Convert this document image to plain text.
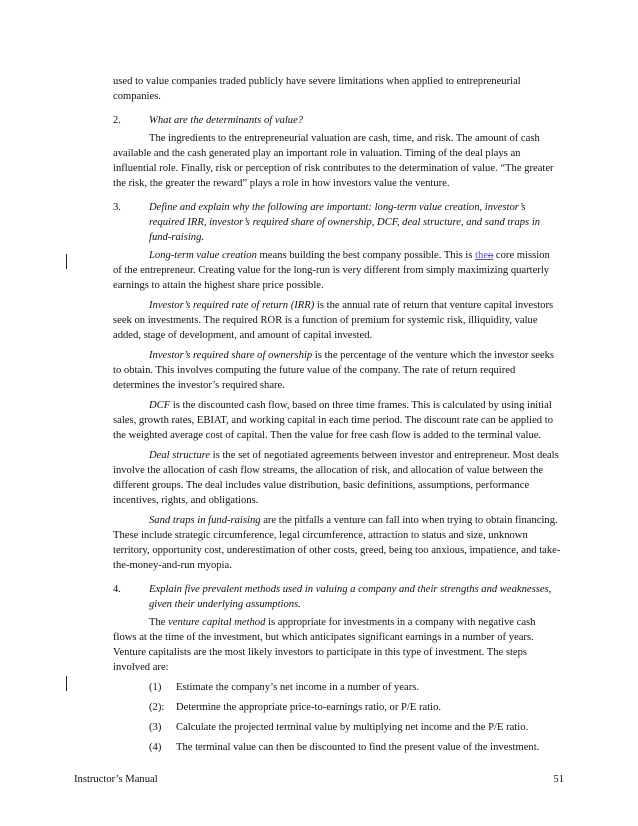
used to value companies traded publicly have severe limitations when applied to entrepreneurial companies.

2.	What are the determinants of value?

The ingredients to the entrepreneurial valuation are cash, time, and risk. The amount of cash available and the cash generated play an important role in valuation. Timing of the deal plays an influential role. Finally, risk or perception of risk contributes to the determination of value. “The greater the risk, the greater the reward” plays a role in how investors value the venture.

3.	Define and explain why the following are important: long-term value creation, investor’s required IRR, investor’s required share of ownership, DCF, deal structure, and sand traps in fund-raising.

Long-term value creation means building the best company possible. This is theo core mission of the entrepreneur. Creating value for the long-run is very different from simply maximizing quarterly earnings to attain the highest share price possible.

Investor’s required rate of return (IRR) is the annual rate of return that venture capital investors seek on investments. The required ROR is a function of premium for systemic risk, illiquidity, value added, stage of development, and amount of capital invested.

Investor’s required share of ownership is the percentage of the venture which the investor seeks to obtain. This involves computing the future value of the company. The rate of return required determines the investor’s required share.

DCF is the discounted cash flow, based on three time frames. This is calculated by using initial sales, growth rates, EBIAT, and working capital in each time period. The discount rate can be applied to the weighted average cost of capital. Then the value for free cash flow is added to the terminal value.

Deal structure is the set of negotiated agreements between investor and entrepreneur. Most deals involve the allocation of cash flow streams, the allocation of risk, and allocation of value between the different groups. The deal includes value distribution, basic definitions, assumptions, performance incentives, rights, and obligations.

Sand traps in fund-raising are the pitfalls a venture can fall into when trying to obtain financing. These include strategic circumference, legal circumference, attraction to status and size, unknown territory, opportunity cost, underestimation of other costs, greed, being too anxious, impatience, and take-the-money-and-run myopia.

4.	Explain five prevalent methods used in valuing a company and their strengths and weaknesses, given their underlying assumptions.

The venture capital method is appropriate for investments in a company with negative cash flows at the time of the investment, but which anticipates significant earnings in a number of years. Venture capitalists are the most likely investors to participate in this type of investment. The steps involved are:

(1)	Estimate the company’s net income in a number of years.
(2):	Determine the appropriate price-to-earnings ratio, or P/E ratio.
(3)	Calculate the projected terminal value by multiplying net income and the P/E ratio.
(4)	The terminal value can then be discounted to find the present value of the investment.
Instructor’s Manual	51
